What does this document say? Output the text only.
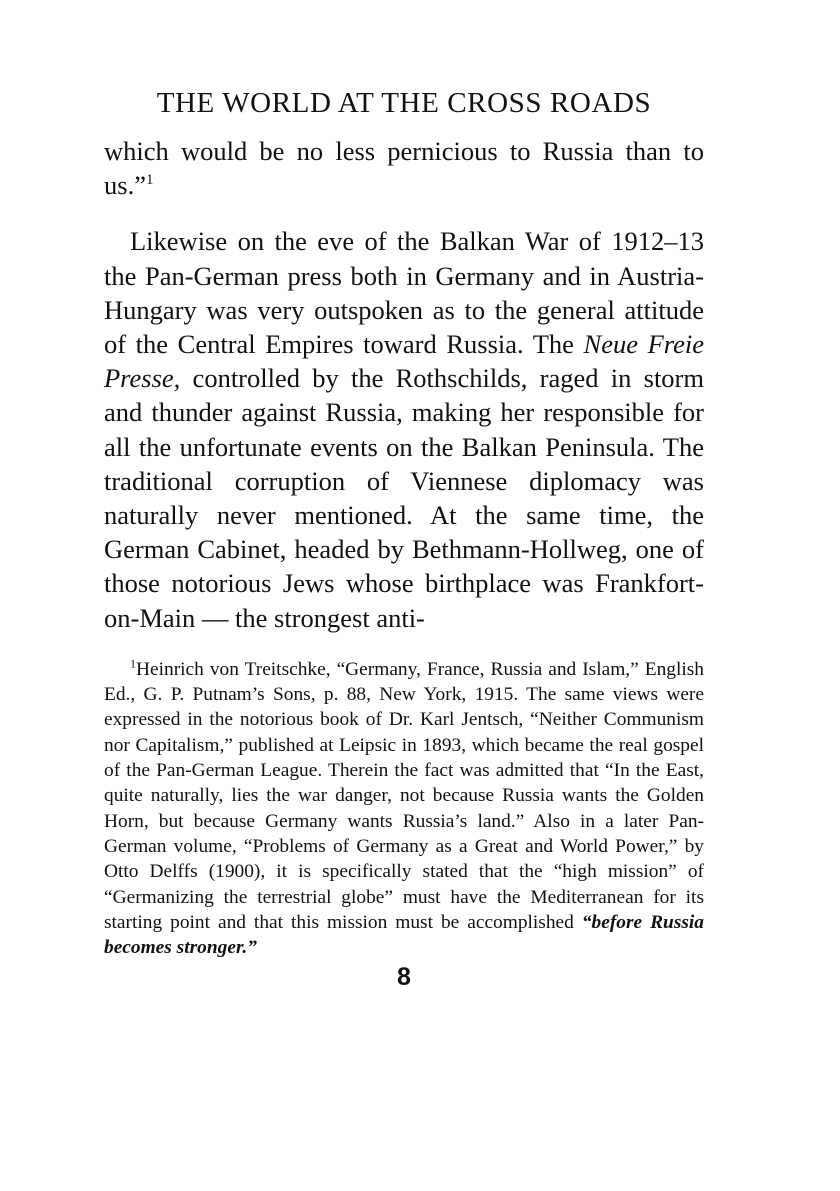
THE WORLD AT THE CROSS ROADS

which would be no less pernicious to Russia than to us.”$^1$

Likewise on the eve of the Balkan War of 1912–13 the Pan-German press both in Germany and in Austria-Hungary was very outspoken as to the general attitude of the Central Empires toward Russia. The Neue Freie Presse, controlled by the Rothschilds, raged in storm and thunder against Russia, making her responsible for all the unfortunate events on the Balkan Peninsula. The traditional corruption of Viennese diplomacy was naturally never mentioned. At the same time, the German Cabinet, headed by Bethmann-Hollweg, one of those notorious Jews whose birthplace was Frankfort-on-Main — the strongest anti-

$^1$Heinrich von Treitschke, “Germany, France, Russia and Islam,” English Ed., G. P. Putnam’s Sons, p. 88, New York, 1915. The same views were expressed in the notorious book of Dr. Karl Jentsch, “Neither Communism nor Capitalism,” published at Leipsic in 1893, which became the real gospel of the Pan-German League. Therein the fact was admitted that “In the East, quite naturally, lies the war danger, not because Russia wants the Golden Horn, but because Germany wants Russia’s land.” Also in a later Pan-German volume, “Problems of Germany as a Great and World Power,” by Otto Delffs (1900), it is specifically stated that the “high mission” of “Germanizing the terrestrial globe” must have the Mediterranean for its starting point and that this mission must be accomplished “before Russia becomes stronger.”
8
